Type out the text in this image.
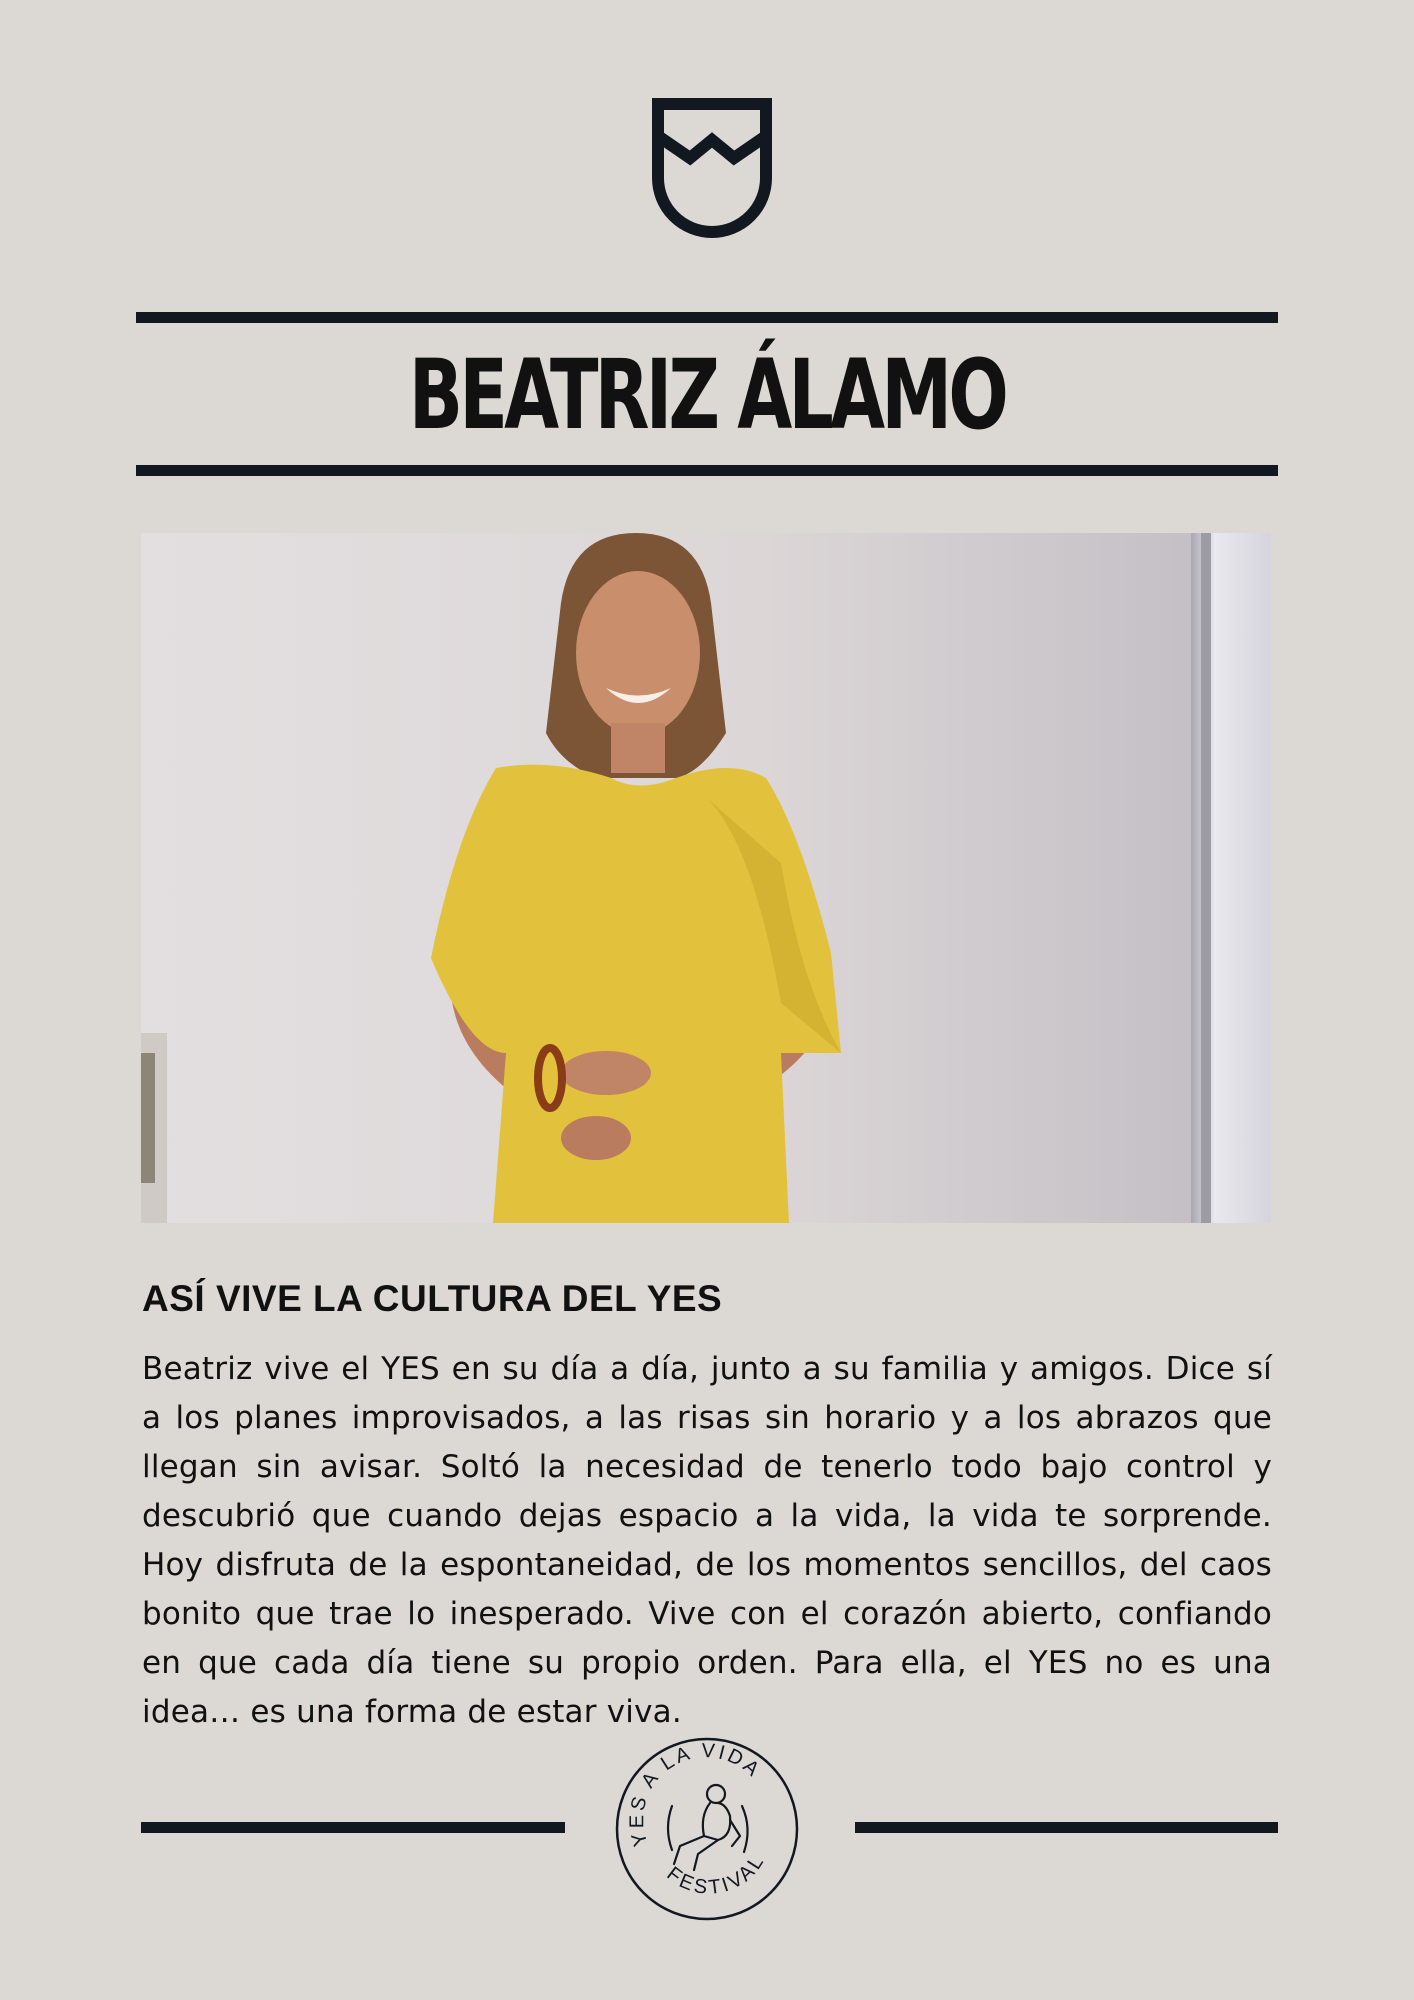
BEATRIZ ÁLAMO
ASÍ VIVE LA CULTURA DEL YES

Beatriz vive el YES en su día a día, junto a su familia y amigos. Dice sí a los planes improvisados, a las risas sin horario y a los abrazos que llegan sin avisar. Soltó la necesidad de tenerlo todo bajo control y descubrió que cuando dejas espacio a la vida, la vida te sorprende. Hoy disfruta de la espontaneidad, de los momentos sencillos, del caos bonito que trae lo inesperado. Vive con el corazón abierto, confiando en que cada día tiene su propio orden. Para ella, el YES no es una idea… es una forma de estar viva.

YES A LA VIDA
FESTIVAL
